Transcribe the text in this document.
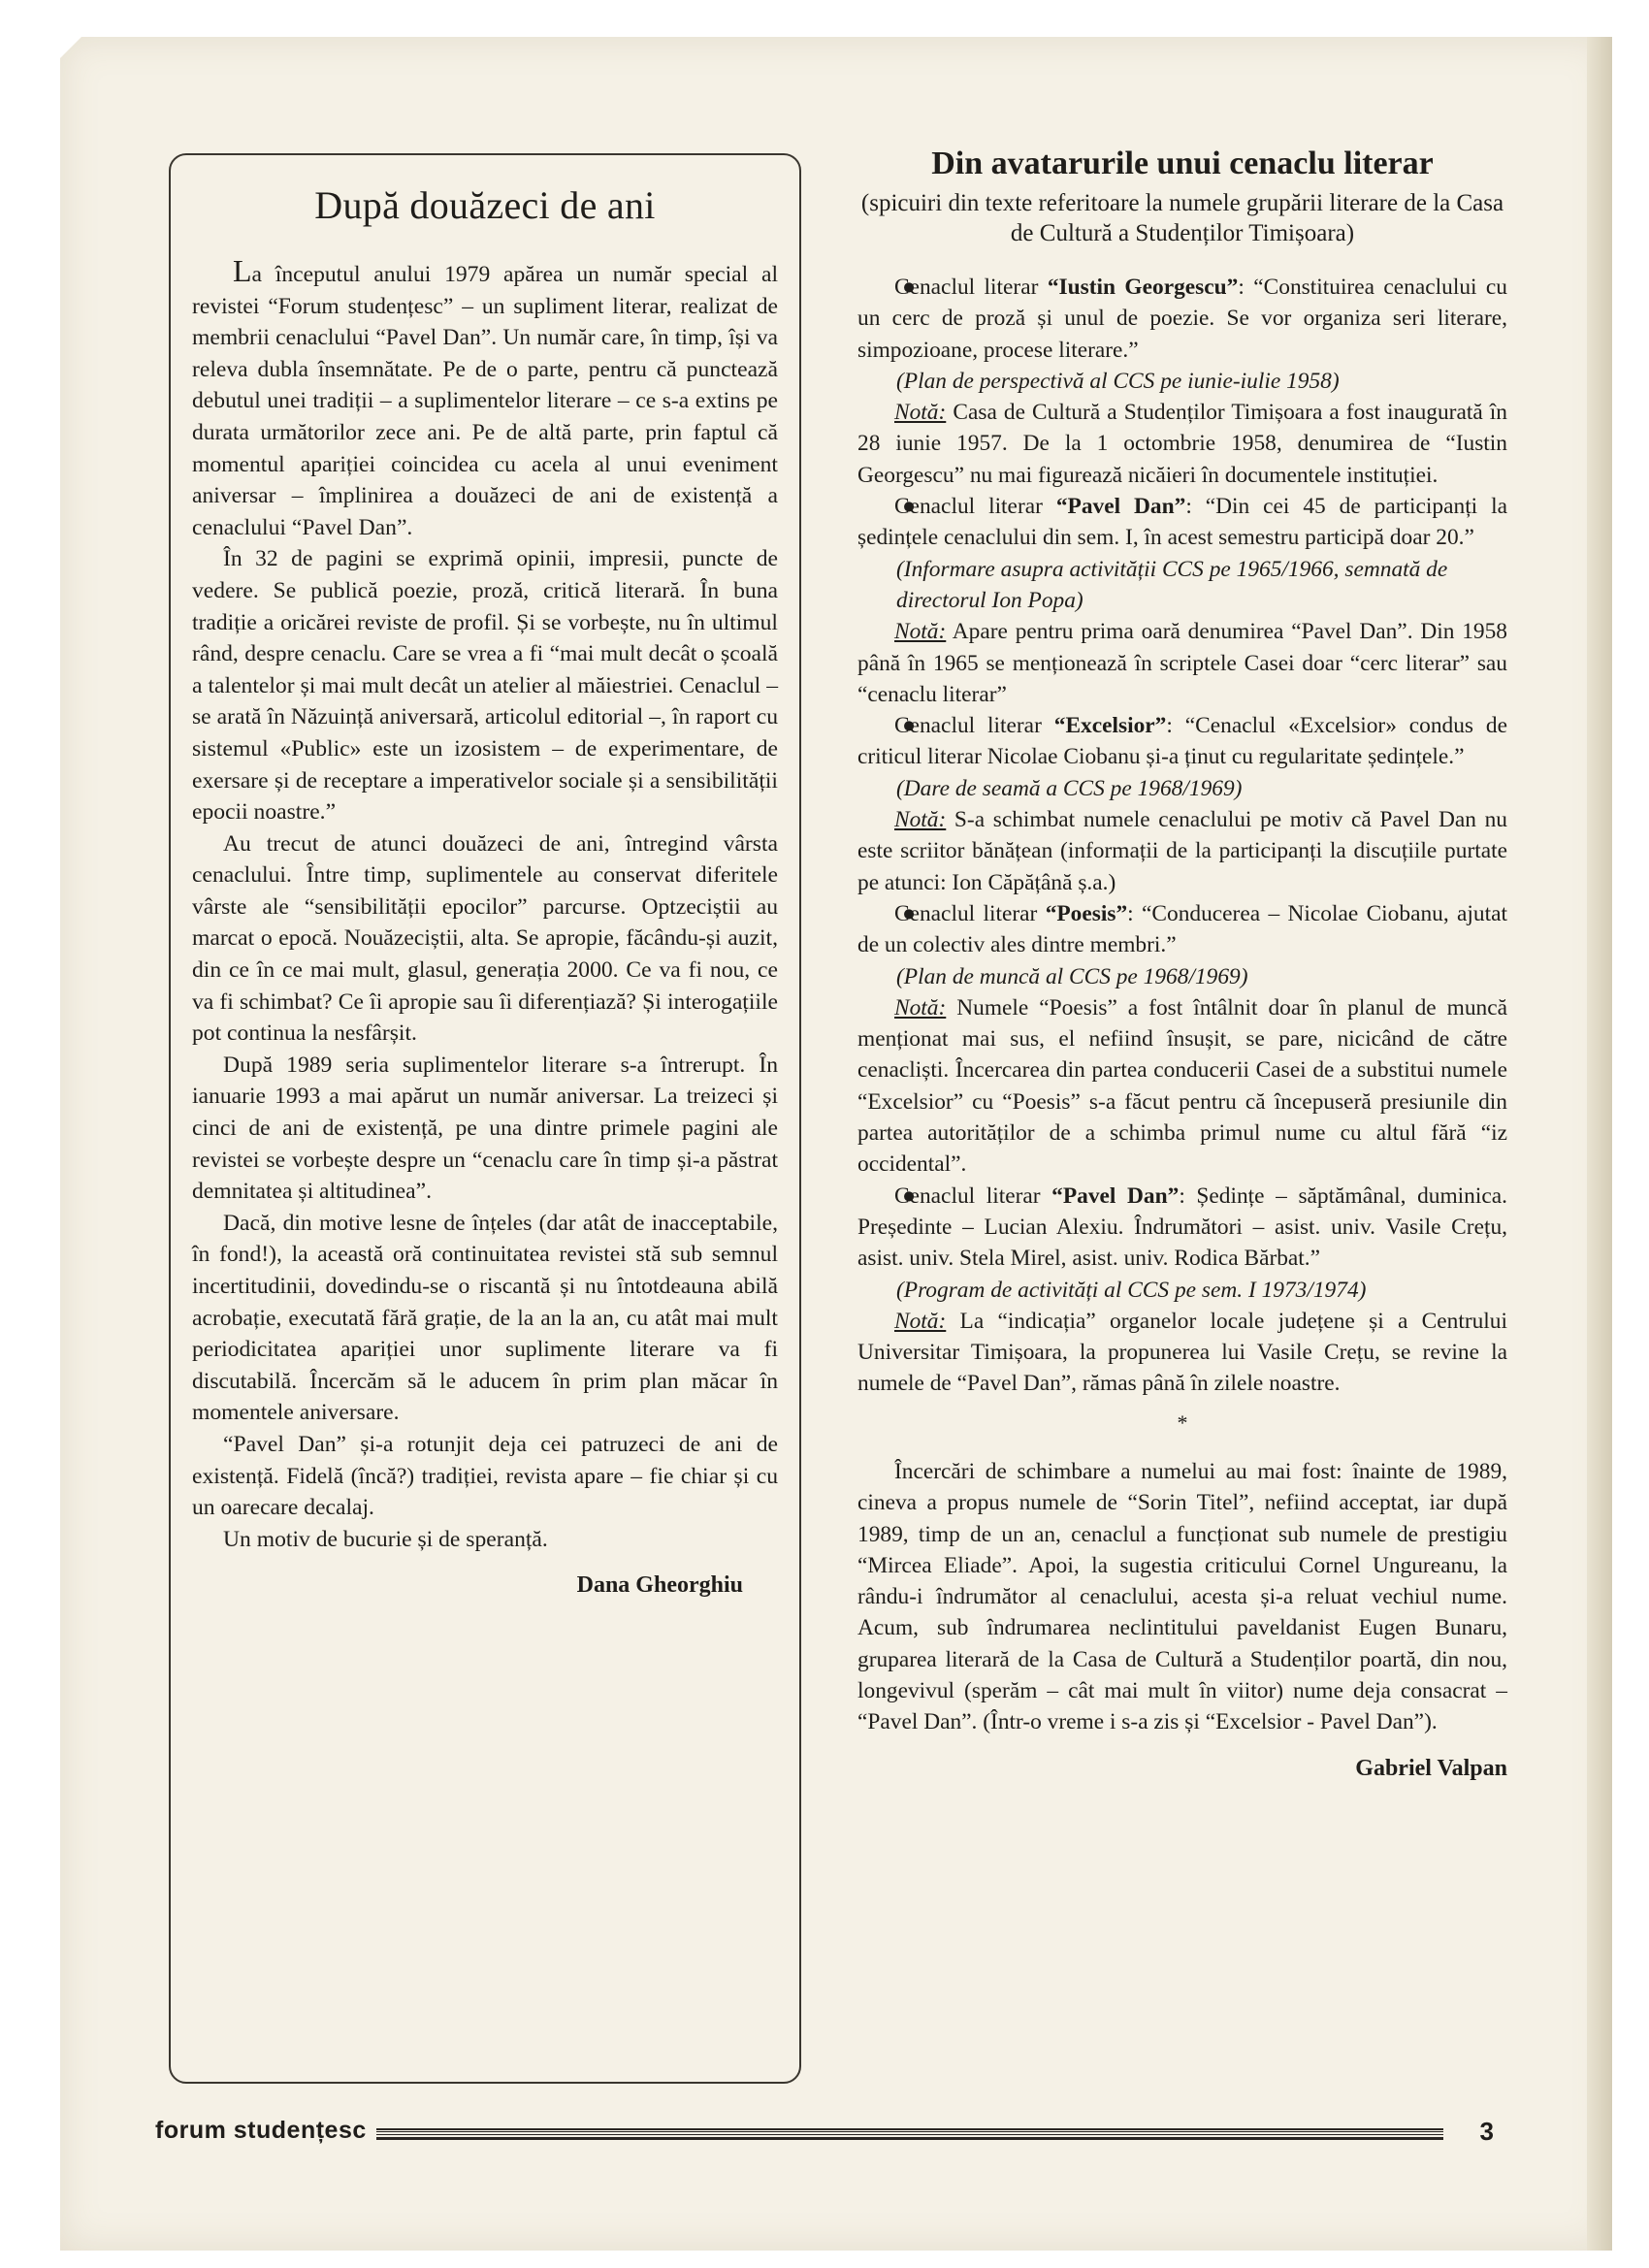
După douăzeci de ani

La începutul anului 1979 apărea un număr special al revistei “Forum studențesc” – un supliment literar, realizat de membrii cenaclului “Pavel Dan”. Un număr care, în timp, își va releva dubla însemnătate. Pe de o parte, pentru că punctează debutul unei tradiții – a suplimentelor literare – ce s-a extins pe durata următorilor zece ani. Pe de altă parte, prin faptul că momentul apariției coincidea cu acela al unui eveniment aniversar – împlinirea a douăzeci de ani de existență a cenaclului “Pavel Dan”.

În 32 de pagini se exprimă opinii, impresii, puncte de vedere. Se publică poezie, proză, critică literară. În buna tradiție a oricărei reviste de profil. Și se vorbește, nu în ultimul rând, despre cenaclu. Care se vrea a fi “mai mult decât o școală a talentelor și mai mult decât un atelier al măiestriei. Cenaclul – se arată în Năzuință aniversară, articolul editorial –, în raport cu sistemul «Public» este un izosistem – de experimentare, de exersare și de receptare a imperativelor sociale și a sensibilității epocii noastre.”

Au trecut de atunci douăzeci de ani, întregind vârsta cenaclului. Între timp, suplimentele au conservat diferitele vârste ale “sensibilității epocilor” parcurse. Optzeciștii au marcat o epocă. Nouăzeciștii, alta. Se apropie, făcându-și auzit, din ce în ce mai mult, glasul, generația 2000. Ce va fi nou, ce va fi schimbat? Ce îi apropie sau îi diferențiază? Și interogațiile pot continua la nesfârșit.

După 1989 seria suplimentelor literare s-a întrerupt. În ianuarie 1993 a mai apărut un număr aniversar. La treizeci și cinci de ani de existență, pe una dintre primele pagini ale revistei se vorbește despre un “cenaclu care în timp și-a păstrat demnitatea și altitudinea”.

Dacă, din motive lesne de înțeles (dar atât de inacceptabile, în fond!), la această oră continuitatea revistei stă sub semnul incertitudinii, dovedindu-se o riscantă și nu întotdeauna abilă acrobație, executată fără grație, de la an la an, cu atât mai mult periodicitatea apariției unor suplimente literare va fi discutabilă. Încercăm să le aducem în prim plan măcar în momentele aniversare.

“Pavel Dan” și-a rotunjit deja cei patruzeci de ani de existență. Fidelă (încă?) tradiției, revista apare – fie chiar și cu un oarecare decalaj.

Un motiv de bucurie și de speranță.

Dana Gheorghiu
Din avatarurile unui cenaclu literar

(spicuiri din texte referitoare la numele grupării literare de la Casa de Cultură a Studenților Timișoara)

● Cenaclul literar “Iustin Georgescu”: “Constituirea cenaclului cu un cerc de proză și unul de poezie. Se vor organiza seri literare, simpozioane, procese literare.”

(Plan de perspectivă al CCS pe iunie-iulie 1958)

Notă: Casa de Cultură a Studenților Timișoara a fost inaugurată în 28 iunie 1957. De la 1 octombrie 1958, denumirea de “Iustin Georgescu” nu mai figurează nicăieri în documentele instituției.

● Cenaclul literar “Pavel Dan”: “Din cei 45 de participanți la ședințele cenaclului din sem. I, în acest semestru participă doar 20.”

(Informare asupra activității CCS pe 1965/1966, semnată de directorul Ion Popa)

Notă: Apare pentru prima oară denumirea “Pavel Dan”. Din 1958 până în 1965 se menționează în scriptele Casei doar “cerc literar” sau “cenaclu literar”

● Cenaclul literar “Excelsior”: “Cenaclul «Excelsior» condus de criticul literar Nicolae Ciobanu și-a ținut cu regularitate ședințele.”

(Dare de seamă a CCS pe 1968/1969)

Notă: S-a schimbat numele cenaclului pe motiv că Pavel Dan nu este scriitor bănățean (informații de la participanți la discuțiile purtate pe atunci: Ion Căpățână ș.a.)

● Cenaclul literar “Poesis”: “Conducerea – Nicolae Ciobanu, ajutat de un colectiv ales dintre membri.”

(Plan de muncă al CCS pe 1968/1969)

Notă: Numele “Poesis” a fost întâlnit doar în planul de muncă menționat mai sus, el nefiind însușit, se pare, nicicând de către cenacliști. Încercarea din partea conducerii Casei de a substitui numele “Excelsior” cu “Poesis” s-a făcut pentru că începuseră presiunile din partea autorităților de a schimba primul nume cu altul fără “iz occidental”.

● Cenaclul literar “Pavel Dan”: Ședințe – săptămânal, duminica. Președinte – Lucian Alexiu. Îndrumători – asist. univ. Vasile Crețu, asist. univ. Stela Mirel, asist. univ. Rodica Bărbat.”

(Program de activități al CCS pe sem. I 1973/1974)

Notă: La “indicația” organelor locale județene și a Centrului Universitar Timișoara, la propunerea lui Vasile Crețu, se revine la numele de “Pavel Dan”, rămas până în zilele noastre.

*

Încercări de schimbare a numelui au mai fost: înainte de 1989, cineva a propus numele de “Sorin Titel”, nefiind acceptat, iar după 1989, timp de un an, cenaclul a funcționat sub numele de prestigiu “Mircea Eliade”. Apoi, la sugestia criticului Cornel Ungureanu, la rându-i îndrumător al cenaclului, acesta și-a reluat vechiul nume. Acum, sub îndrumarea neclintitului paveldanist Eugen Bunaru, gruparea literară de la Casa de Cultură a Studenților poartă, din nou, longevivul (sperăm – cât mai mult în viitor) nume deja consacrat – “Pavel Dan”. (Într-o vreme i s-a zis și “Excelsior - Pavel Dan”).

Gabriel Valpan
forum studențesc	3
